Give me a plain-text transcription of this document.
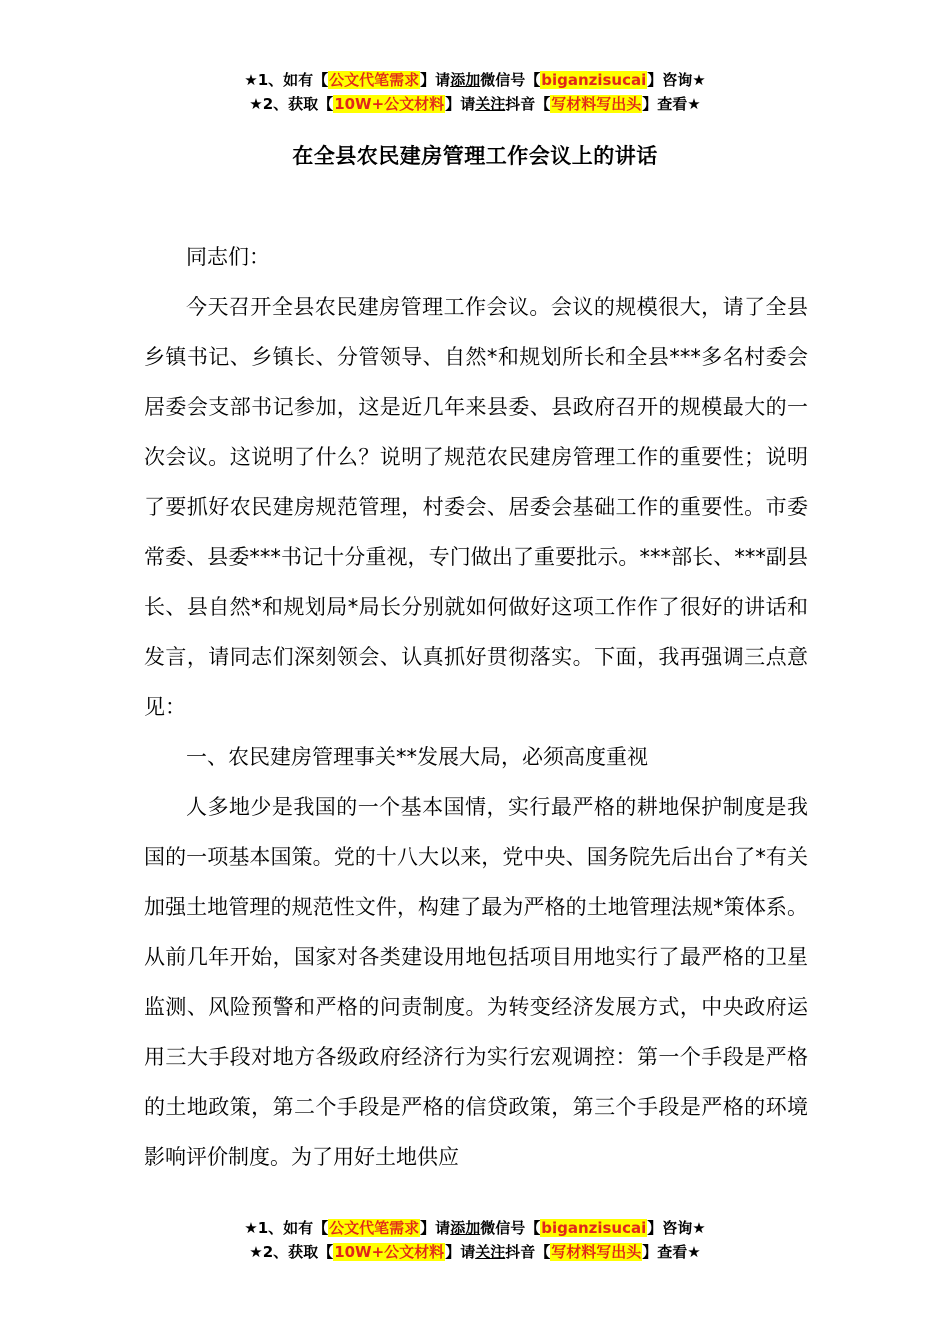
★1、如有【公文代笔需求】请添加微信号【biganzisucai】咨询★
★2、获取【10W+公文材料】请关注抖音【写材料写出头】查看★
在全县农民建房管理工作会议上的讲话

同志们：

今天召开全县农民建房管理工作会议。会议的规模很大，请了全县乡镇书记、乡镇长、分管领导、自然*和规划所长和全县***多名村委会居委会支部书记参加，这是近几年来县委、县政府召开的规模最大的一次会议。这说明了什么？说明了规范农民建房管理工作的重要性；说明了要抓好农民建房规范管理，村委会、居委会基础工作的重要性。市委常委、县委***书记十分重视，专门做出了重要批示。***部长、***副县长、县自然*和规划局*局长分别就如何做好这项工作作了很好的讲话和发言，请同志们深刻领会、认真抓好贯彻落实。下面，我再强调三点意见：

一、农民建房管理事关**发展大局，必须高度重视

人多地少是我国的一个基本国情，实行最严格的耕地保护制度是我国的一项基本国策。党的十八大以来，党中央、国务院先后出台了*有关加强土地管理的规范性文件，构建了最为严格的土地管理法规*策体系。从前几年开始，国家对各类建设用地包括项目用地实行了最严格的卫星监测、风险预警和严格的问责制度。为转变经济发展方式，中央政府运用三大手段对地方各级政府经济行为实行宏观调控：第一个手段是严格的土地政策，第二个手段是严格的信贷政策，第三个手段是严格的环境影响评价制度。为了用好土地供应

★1、如有【公文代笔需求】请添加微信号【biganzisucai】咨询★
★2、获取【10W+公文材料】请关注抖音【写材料写出头】查看★
